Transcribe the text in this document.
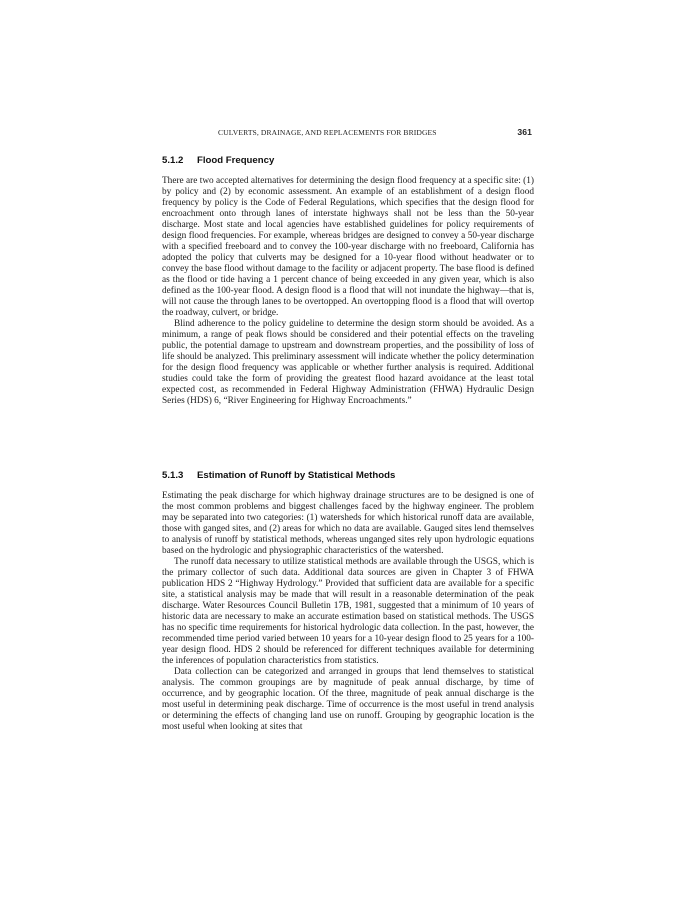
CULVERTS, DRAINAGE, AND REPLACEMENTS FOR BRIDGES	361
5.1.2 Flood Frequency

There are two accepted alternatives for determining the design flood frequency at a specific site: (1) by policy and (2) by economic assessment. An example of an establishment of a design flood frequency by policy is the Code of Federal Regulations, which specifies that the design flood for encroachment onto through lanes of interstate highways shall not be less than the 50-year discharge. Most state and local agencies have established guidelines for policy requirements of design flood frequencies. For example, whereas bridges are designed to convey a 50-year discharge with a specified freeboard and to convey the 100-year discharge with no freeboard, California has adopted the policy that culverts may be designed for a 10-year flood without headwater or to convey the base flood without damage to the facility or adjacent property. The base flood is defined as the flood or tide having a 1 percent chance of being exceeded in any given year, which is also defined as the 100-year flood. A design flood is a flood that will not inundate the highway—that is, will not cause the through lanes to be overtopped. An overtopping flood is a flood that will overtop the roadway, culvert, or bridge.

Blind adherence to the policy guideline to determine the design storm should be avoided. As a minimum, a range of peak flows should be considered and their potential effects on the traveling public, the potential damage to upstream and downstream properties, and the possibility of loss of life should be analyzed. This preliminary assessment will indicate whether the policy determination for the design flood frequency was applicable or whether further analysis is required. Additional studies could take the form of providing the greatest flood hazard avoidance at the least total expected cost, as recommended in Federal Highway Administration (FHWA) Hydraulic Design Series (HDS) 6, “River Engineering for Highway Encroachments.”

5.1.3 Estimation of Runoff by Statistical Methods

Estimating the peak discharge for which highway drainage structures are to be designed is one of the most common problems and biggest challenges faced by the highway engineer. The problem may be separated into two categories: (1) watersheds for which historical runoff data are available, those with ganged sites, and (2) areas for which no data are available. Gauged sites lend themselves to analysis of runoff by statistical methods, whereas unganged sites rely upon hydrologic equations based on the hydrologic and physiographic characteristics of the watershed.

The runoff data necessary to utilize statistical methods are available through the USGS, which is the primary collector of such data. Additional data sources are given in Chapter 3 of FHWA publication HDS 2 “Highway Hydrology.” Provided that sufficient data are available for a specific site, a statistical analysis may be made that will result in a reasonable determination of the peak discharge. Water Resources Council Bulletin 17B, 1981, suggested that a minimum of 10 years of historic data are necessary to make an accurate estimation based on statistical methods. The USGS has no specific time requirements for historical hydrologic data collection. In the past, however, the recommended time period varied between 10 years for a 10-year design flood to 25 years for a 100-year design flood. HDS 2 should be referenced for different techniques available for determining the inferences of population characteristics from statistics.

Data collection can be categorized and arranged in groups that lend themselves to statistical analysis. The common groupings are by magnitude of peak annual discharge, by time of occurrence, and by geographic location. Of the three, magnitude of peak annual discharge is the most useful in determining peak discharge. Time of occurrence is the most useful in trend analysis or determining the effects of changing land use on runoff. Grouping by geographic location is the most useful when looking at sites that
